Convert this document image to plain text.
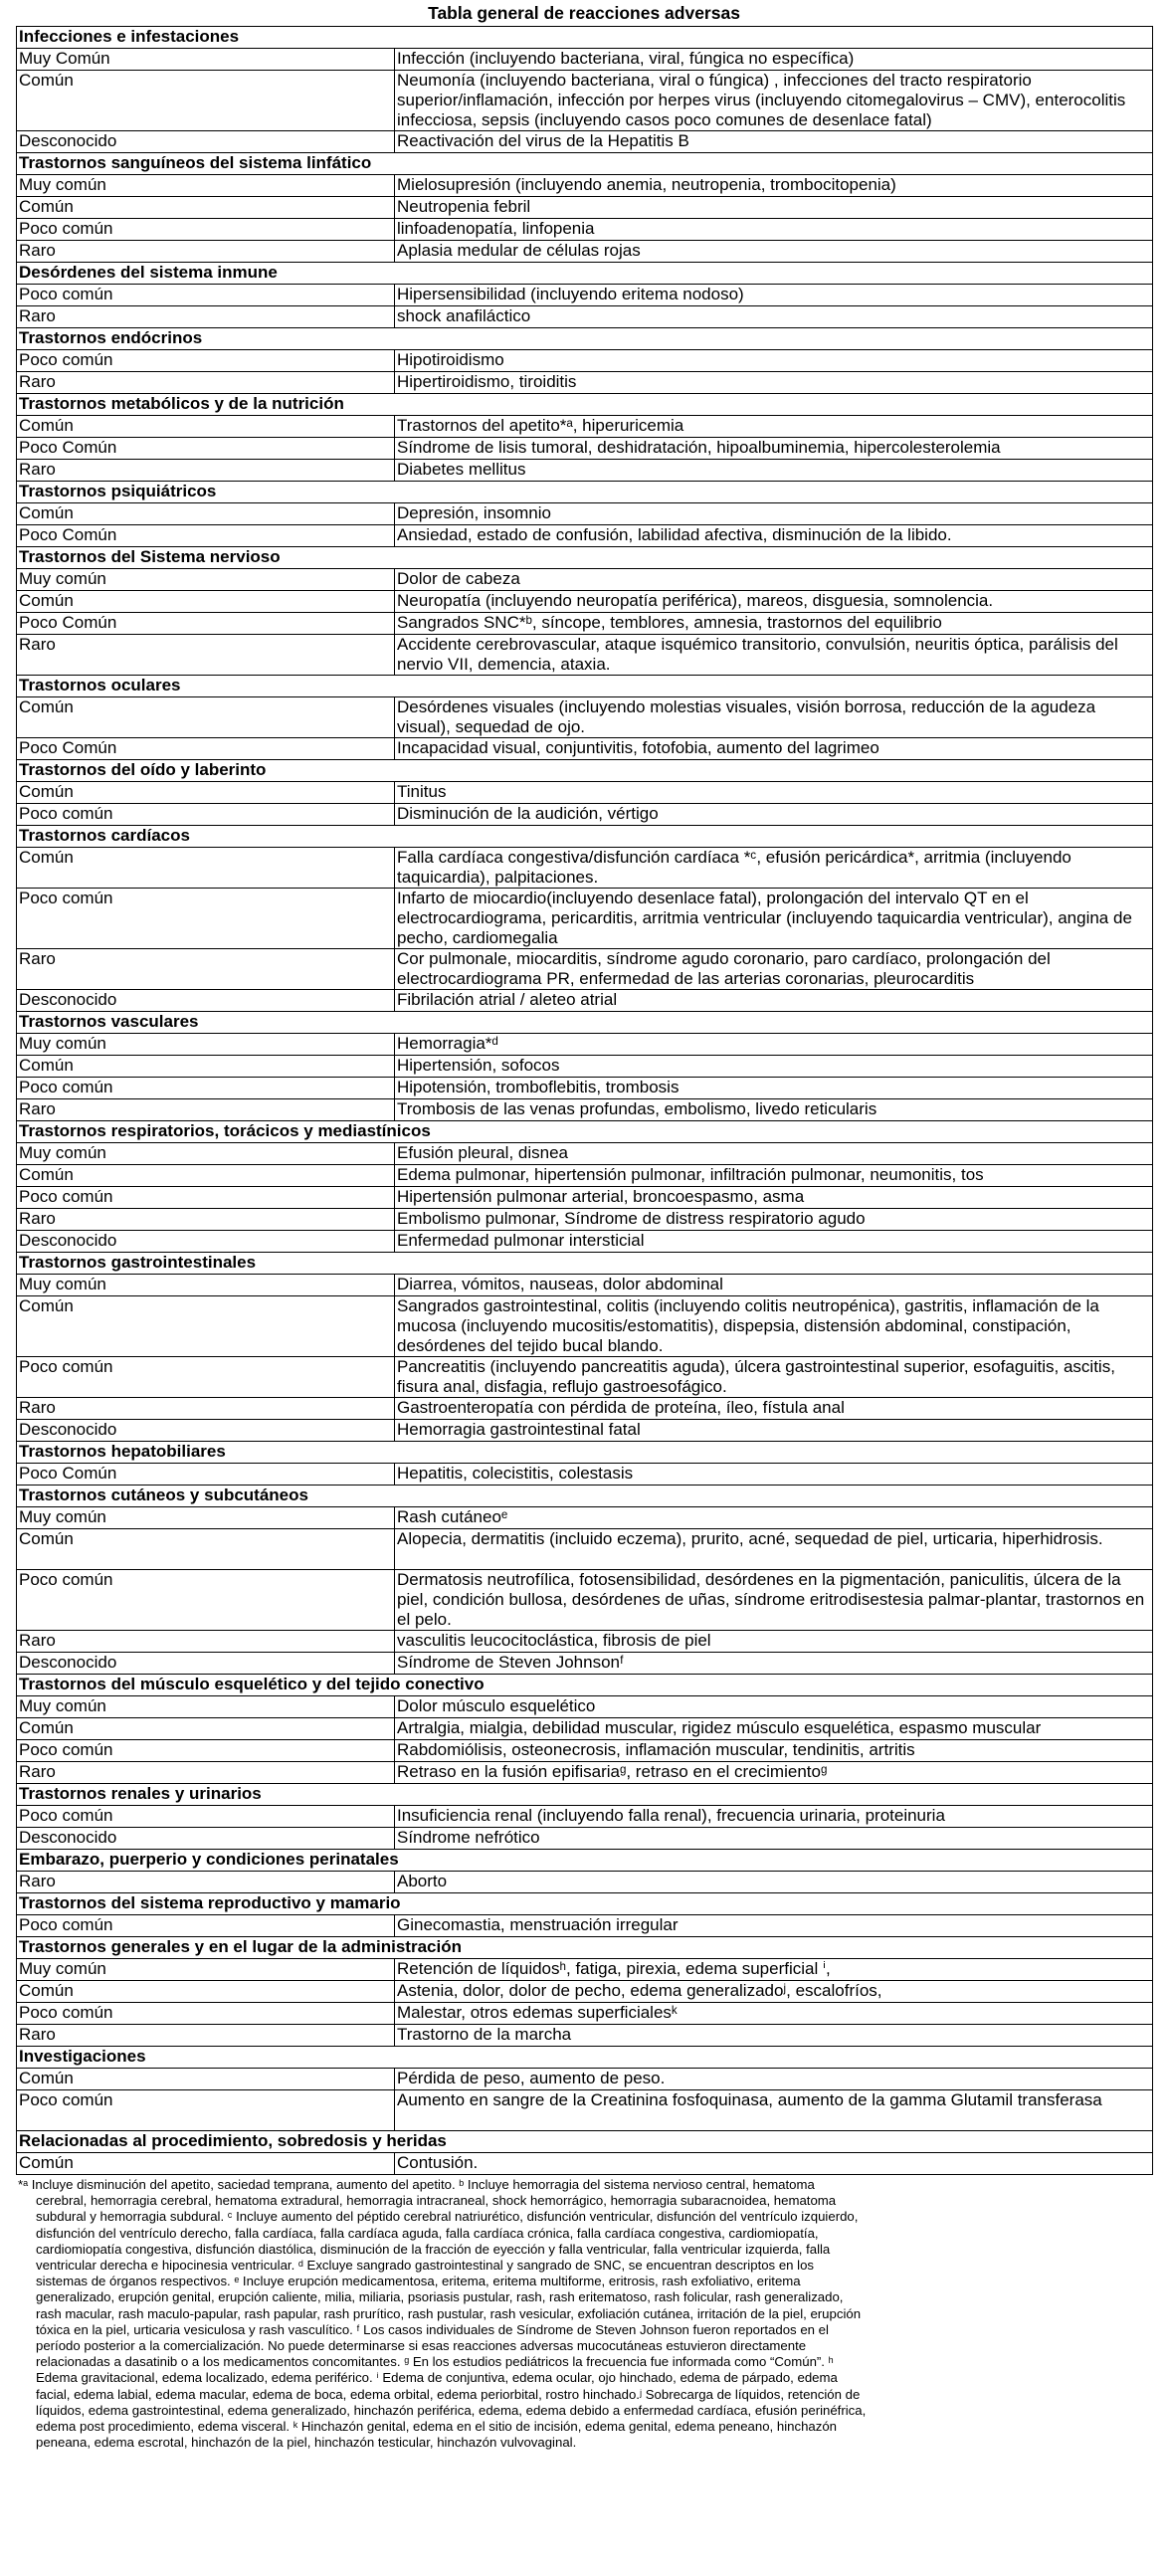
Tabla general de reacciones adversas
Infecciones e infestaciones	
Muy Común	Infección (incluyendo bacteriana, viral, fúngica no específica)
Común	Neumonía (incluyendo bacteriana, viral o fúngica) , infecciones del tracto respiratorio superior/inflamación, infección por herpes virus (incluyendo citomegalovirus – CMV), enterocolitis infecciosa, sepsis (incluyendo casos poco comunes de desenlace fatal)
Desconocido	Reactivación del virus de la Hepatitis B
Trastornos sanguíneos del sistema linfático	
Muy común	Mielosupresión (incluyendo anemia, neutropenia, trombocitopenia)
Común	Neutropenia febril
Poco común	linfoadenopatía, linfopenia
Raro	Aplasia medular de células rojas
Desórdenes del sistema inmune	
Poco común	Hipersensibilidad (incluyendo eritema nodoso)
Raro	shock anafiláctico
Trastornos endócrinos	
Poco común	Hipotiroidismo
Raro	Hipertiroidismo, tiroiditis
Trastornos metabólicos y de la nutrición	
Común	Trastornos del apetito*ᵃ, hiperuricemia
Poco Común	Síndrome de lisis tumoral, deshidratación, hipoalbuminemia, hipercolesterolemia
Raro	Diabetes mellitus
Trastornos psiquiátricos	
Común	Depresión, insomnio
Poco Común	Ansiedad, estado de confusión, labilidad afectiva, disminución de la libido.
Trastornos del Sistema nervioso	
Muy común	Dolor de cabeza
Común	Neuropatía (incluyendo neuropatía periférica), mareos, disguesia, somnolencia.
Poco Común	Sangrados SNC*ᵇ, síncope, temblores, amnesia, trastornos del equilibrio
Raro	Accidente cerebrovascular, ataque isquémico transitorio, convulsión, neuritis óptica, parálisis del nervio VII, demencia, ataxia.
Trastornos oculares	
Común	Desórdenes visuales (incluyendo molestias visuales, visión borrosa, reducción de la agudeza visual), sequedad de ojo.
Poco Común	Incapacidad visual, conjuntivitis, fotofobia, aumento del lagrimeo
Trastornos del oído y laberinto	
Común	Tinitus
Poco común	Disminución de la audición, vértigo
Trastornos cardíacos	
Común	Falla cardíaca congestiva/disfunción cardíaca *ᶜ, efusión pericárdica*, arritmia (incluyendo taquicardia), palpitaciones.
Poco común	Infarto de miocardio(incluyendo desenlace fatal), prolongación del intervalo QT en el electrocardiograma, pericarditis, arritmia ventricular (incluyendo taquicardia ventricular), angina de pecho, cardiomegalia
Raro	Cor pulmonale, miocarditis, síndrome agudo coronario, paro cardíaco, prolongación del electrocardiograma PR, enfermedad de las arterias coronarias, pleurocarditis
Desconocido	Fibrilación atrial / aleteo atrial
Trastornos vasculares	
Muy común	Hemorragia*ᵈ
Común	Hipertensión, sofocos
Poco común	Hipotensión, tromboflebitis, trombosis
Raro	Trombosis de las venas profundas, embolismo, livedo reticularis
Trastornos respiratorios, torácicos y mediastínicos	
Muy común	Efusión pleural, disnea
Común	Edema pulmonar, hipertensión pulmonar, infiltración pulmonar, neumonitis, tos
Poco común	Hipertensión pulmonar arterial, broncoespasmo, asma
Raro	Embolismo pulmonar, Síndrome de distress respiratorio agudo
Desconocido	Enfermedad pulmonar intersticial
Trastornos gastrointestinales	
Muy común	Diarrea, vómitos, nauseas, dolor abdominal
Común	Sangrados gastrointestinal, colitis (incluyendo colitis neutropénica), gastritis, inflamación de la mucosa (incluyendo mucositis/estomatitis), dispepsia, distensión abdominal, constipación, desórdenes del tejido bucal blando.
Poco común	Pancreatitis (incluyendo pancreatitis aguda), úlcera gastrointestinal superior, esofaguitis, ascitis, fisura anal, disfagia, reflujo gastroesofágico.
Raro	Gastroenteropatía con pérdida de proteína, íleo, fístula anal
Desconocido	Hemorragia gastrointestinal fatal
Trastornos hepatobiliares	
Poco Común	Hepatitis, colecistitis, colestasis
Trastornos cutáneos y subcutáneos	
Muy común	Rash cutáneoᵉ
Común	Alopecia, dermatitis (incluido eczema), prurito, acné, sequedad de piel, urticaria, hiperhidrosis.
Poco común	Dermatosis neutrofílica, fotosensibilidad, desórdenes en la pigmentación, paniculitis, úlcera de la piel, condición bullosa, desórdenes de uñas, síndrome eritrodisestesia palmar-plantar, trastornos en el pelo.
Raro	vasculitis leucocitoclástica, fibrosis de piel
Desconocido	Síndrome de Steven Johnsonᶠ
Trastornos del músculo esquelético y del tejido conectivo	
Muy común	Dolor músculo esquelético
Común	Artralgia, mialgia, debilidad muscular, rigidez músculo esquelética, espasmo muscular
Poco común	Rabdomiólisis, osteonecrosis, inflamación muscular, tendinitis, artritis
Raro	Retraso en la fusión epifisariaᵍ, retraso en el crecimientoᵍ
Trastornos renales y urinarios	
Poco común	Insuficiencia renal (incluyendo falla renal), frecuencia urinaria, proteinuria
Desconocido	Síndrome nefrótico
Embarazo, puerperio y condiciones perinatales	
Raro	Aborto
Trastornos del sistema reproductivo y mamario	
Poco común	Ginecomastia, menstruación irregular
Trastornos generales y en el lugar de la administración	
Muy común	Retención de líquidosʰ, fatiga, pirexia, edema superficial ⁱ,
Común	Astenia, dolor, dolor de pecho, edema generalizadoʲ, escalofríos,
Poco común	Malestar, otros edemas superficialesᵏ
Raro	Trastorno de la marcha
Investigaciones	
Común	Pérdida de peso, aumento de peso.
Poco común	Aumento en sangre de la Creatinina fosfoquinasa, aumento de la gamma Glutamil transferasa
Relacionadas al procedimiento, sobredosis y heridas	
Común	Contusión.
*ᵃ Incluye disminución del apetito, saciedad temprana, aumento del apetito. ᵇ Incluye hemorragia del sistema nervioso central, hematoma
cerebral, hemorragia cerebral, hematoma extradural, hemorragia intracraneal, shock hemorrágico, hemorragia subaracnoidea, hematoma
subdural y hemorragia subdural. ᶜ Incluye aumento del péptido cerebral natriurético, disfunción ventricular, disfunción del ventrículo izquierdo,
disfunción del ventrículo derecho, falla cardíaca, falla cardíaca aguda, falla cardíaca crónica, falla cardíaca congestiva, cardiomiopatía,
cardiomiopatía congestiva, disfunción diastólica, disminución de la fracción de eyección y falla ventricular, falla ventricular izquierda, falla
ventricular derecha e hipocinesia ventricular. ᵈ Excluye sangrado gastrointestinal y sangrado de SNC, se encuentran descriptos en los
sistemas de órganos respectivos. ᵉ Incluye erupción medicamentosa, eritema, eritema multiforme, eritrosis, rash exfoliativo, eritema
generalizado, erupción genital, erupción caliente, milia, miliaria, psoriasis pustular, rash, rash eritematoso, rash folicular, rash generalizado,
rash macular, rash maculo-papular, rash papular, rash prurítico, rash pustular, rash vesicular, exfoliación cutánea, irritación de la piel, erupción
tóxica en la piel, urticaria vesiculosa y rash vasculítico. ᶠ Los casos individuales de Síndrome de Steven Johnson fueron reportados en el
período posterior a la comercialización. No puede determinarse si esas reacciones adversas mucocutáneas estuvieron directamente
relacionadas a dasatinib o a los medicamentos concomitantes. ᵍ En los estudios pediátricos la frecuencia fue informada como “Común”. ʰ
Edema gravitacional, edema localizado, edema periférico. ⁱ Edema de conjuntiva, edema ocular, ojo hinchado, edema de párpado, edema
facial, edema labial, edema macular, edema de boca, edema orbital, edema periorbital, rostro hinchado.ʲ Sobrecarga de líquidos, retención de
líquidos, edema gastrointestinal, edema generalizado, hinchazón periférica, edema, edema debido a enfermedad cardíaca, efusión perinéfrica,
edema post procedimiento, edema visceral. ᵏ Hinchazón genital, edema en el sitio de incisión, edema genital, edema peneano, hinchazón
peneana, edema escrotal, hinchazón de la piel, hinchazón testicular, hinchazón vulvovaginal.
